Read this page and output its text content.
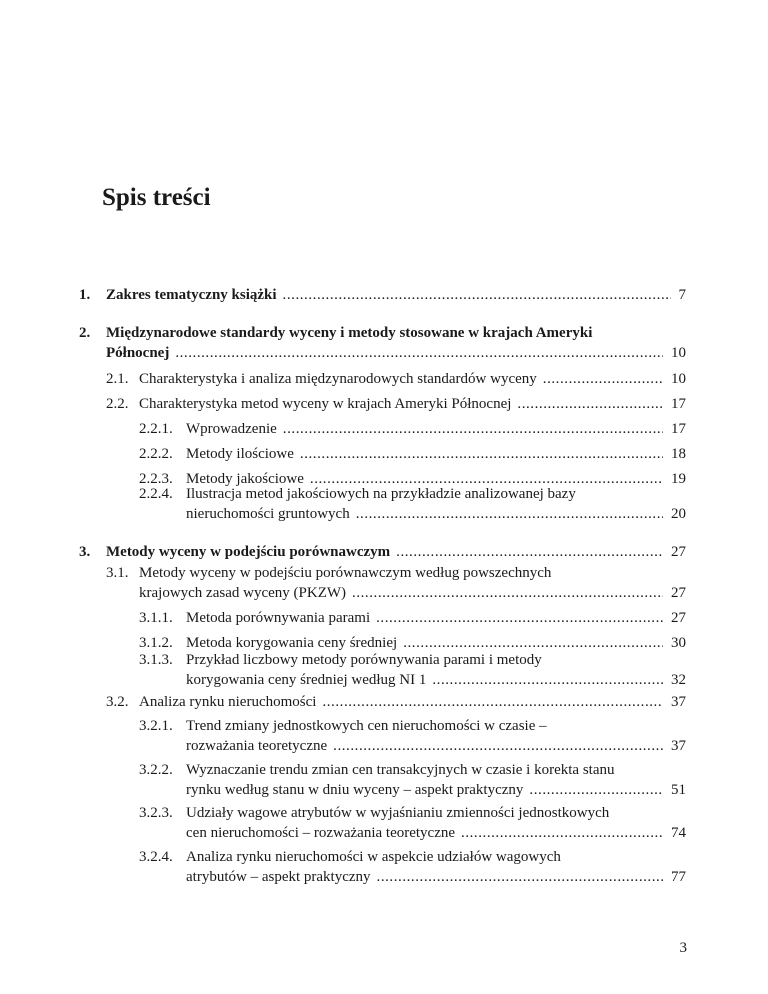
Spis treści
1.	Zakres tematyczny książki . . .	7
2. Międzynarodowe standardy wyceny i metody stosowane w krajach Ameryki
Północnej . . .	10
2.1. Charakterystyka i analiza międzynarodowych standardów wyceny . . .	10
2.2. Charakterystyka metod wyceny w krajach Ameryki Północnej . . .	17
2.2.1. Wprowadzenie . . .	17
2.2.2. Metody ilościowe . . .	18
2.2.3. Metody jakościowe . . .	19
2.2.4. Ilustracja metod jakościowych na przykładzie analizowanej bazy
nieruchomości gruntowych . . .	20
3.	Metody wyceny w podejściu porównawczym . . .	27
3.1. Metody wyceny w podejściu porównawczym według powszechnych
krajowych zasad wyceny (PKZW) . . .	27
3.1.1. Metoda porównywania parami . . .	27
3.1.2. Metoda korygowania ceny średniej . . .	30
3.1.3. Przykład liczbowy metody porównywania parami i metody
korygowania ceny średniej według NI 1 . . .	32
3.2. Analiza rynku nieruchomości . . .	37
3.2.1. Trend zmiany jednostkowych cen nieruchomości w czasie –
rozważania teoretyczne . . .	37
3.2.2. Wyznaczanie trendu zmian cen transakcyjnych w czasie i korekta stanu
rynku według stanu w dniu wyceny – aspekt praktyczny . . .	51
3.2.3. Udziały wagowe atrybutów w wyjaśnianiu zmienności jednostkowych
cen nieruchomości – rozważania teoretyczne . . .	74
3.2.4. Analiza rynku nieruchomości w aspekcie udziałów wagowych
atrybutów – aspekt praktyczny . . .	77
3
